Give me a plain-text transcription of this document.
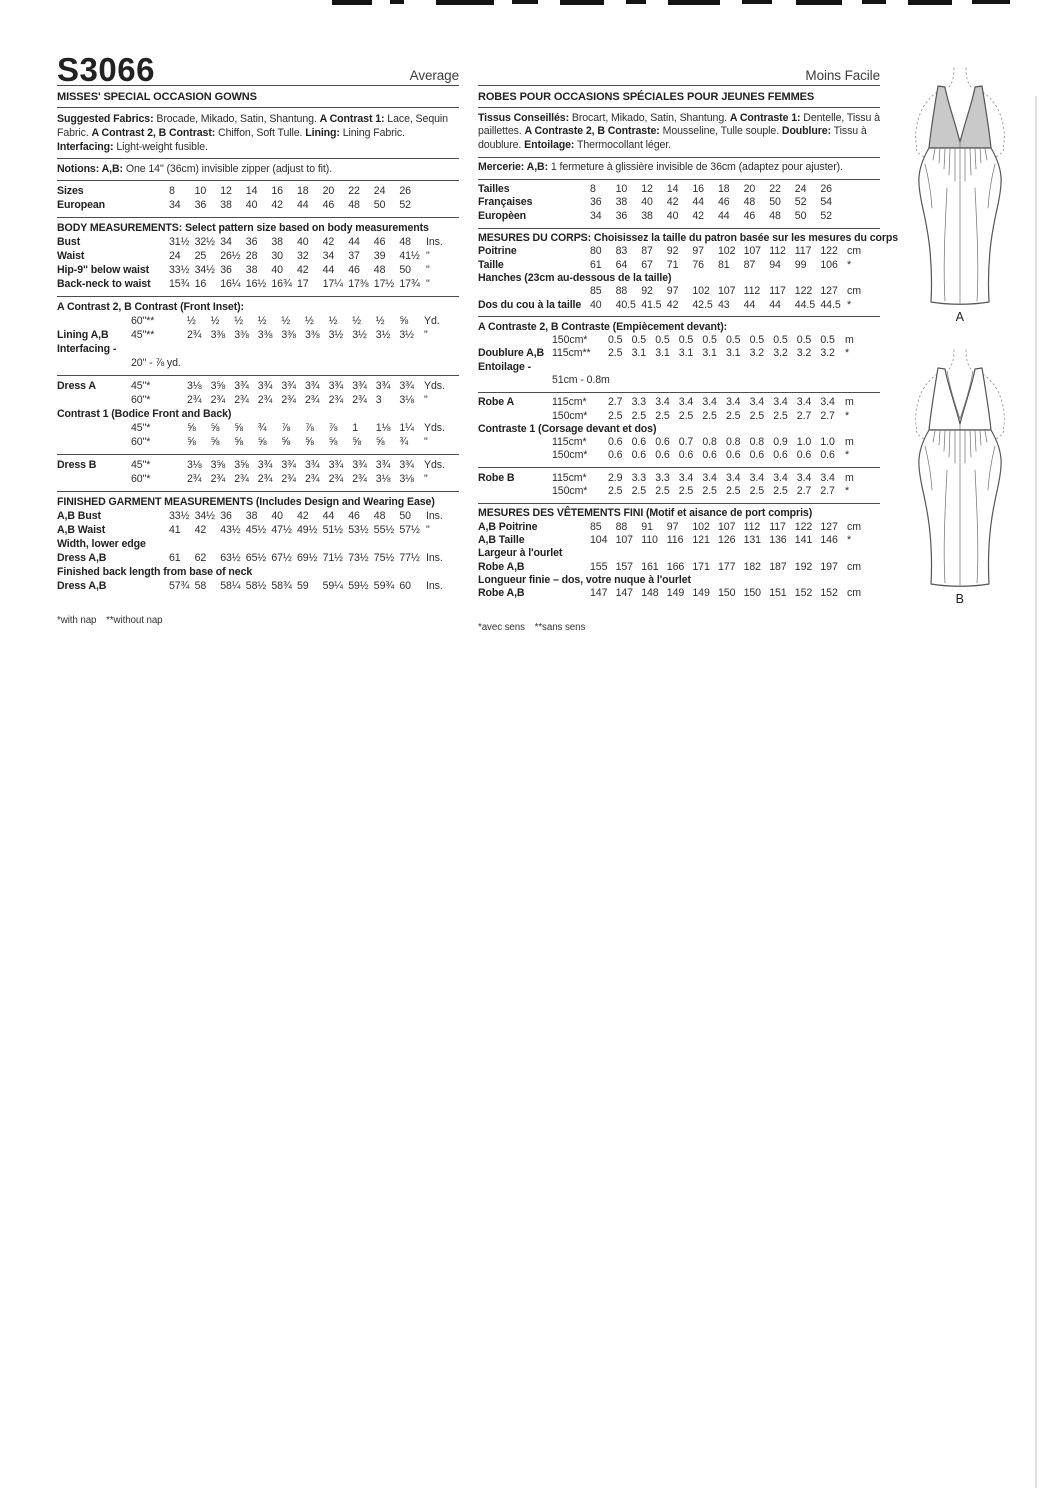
S3066	Average
MISSES' SPECIAL OCCASION GOWNS

Suggested Fabrics: Brocade, Mikado, Satin, Shantung. A Contrast 1: Lace, Sequin Fabric. A Contrast 2, B Contrast: Chiffon, Soft Tulle. Lining: Lining Fabric. Interfacing: Light-weight fusible.

Notions: A,B: One 14" (36cm) invisible zipper (adjust to fit).

Sizes	8	10	12	14	16	18	20	22	24	26
European	34	36	38	40	42	44	46	48	50	52
BODY MEASUREMENTS: Select pattern size based on body measurements
Bust	31½ 32½ 34	36	38	40	42	44	46	48	Ins.
Waist	24	25	26½ 28	30	32	34	37	39	41½ "
Hip-9" below waist	33½ 34½ 36	38	40	42	44	46	48	50	"
Back-neck to waist	15¾ 16	16¼ 16½ 16¾ 17	17¼ 17⅜ 17½ 17¾ "
A Contrast 2, B Contrast (Front Inset):
60"**	½	½	½	½	½	½	½	½	½	⅝	Yd.
Lining A,B	45"**	2¾ 3⅜ 3⅜ 3⅜ 3⅜ 3⅜ 3½ 3½ 3½ 3½ "
Interfacing -
20" - ⅞ yd.
Dress A	45"*	3⅛ 3⅝ 3¾ 3¾ 3¾ 3¾ 3¾ 3¾ 3¾ 3¾ Yds.
60"*	2¾ 2¾ 2¾ 2¾ 2¾ 2¾ 2¾ 2¾ 3	3⅛ "
Contrast 1 (Bodice Front and Back)
45"*	⅝	⅝	⅝	¾	⅞	⅞	⅞	1	1⅛ 1¼ Yds.
60"*	⅝	⅝	⅝	⅝	⅝	⅝	⅝	⅝	⅝	¾	"
Dress B	45"*	3⅛ 3⅝ 3⅝ 3¾ 3¾ 3¾ 3¾ 3¾ 3¾ 3¾ Yds.
60"*	2¾ 2¾ 2¾ 2¾ 2¾ 2¾ 2¾ 2¾ 3⅛ 3⅛ "
FINISHED GARMENT MEASUREMENTS (Includes Design and Wearing Ease)
A,B Bust	33½ 34½ 36	38	40	42	44	46	48	50	Ins.
A,B Waist	41	42	43½ 45½ 47½ 49½ 51½ 53½ 55½ 57½ "
Width, lower edge
Dress A,B	61	62	63½ 65½ 67½ 69½ 71½ 73½ 75½ 77½ Ins.
Finished back length from base of neck
Dress A,B	57¾ 58	58¼ 58½ 58¾ 59	59¼ 59½ 59¾ 60	Ins.
*with nap **without nap
Moins Facile
ROBES POUR OCCASIONS SPÉCIALES POUR JEUNES FEMMES

Tissus Conseillés: Brocart, Mikado, Satin, Shantung. A Contraste 1: Dentelle, Tissu à paillettes. A Contraste 2, B Contraste: Mousseline, Tulle souple. Doublure: Tissu à doublure. Entoilage: Thermocollant léger.

Mercerie: A,B: 1 fermeture à glissière invisible de 36cm (adaptez pour ajuster).

Tailles	8	10	12	14	16	18	20	22	24	26
Françaises	36	38	40	42	44	46	48	50	52	54
Europèen	34	36	38	40	42	44	46	48	50	52
MESURES DU CORPS: Choisissez la taille du patron basée sur les mesures du corps
Poitrine	80	83	87	92	97	102 107 112 117 122 cm
Taille	61	64	67	71	76	81	87	94	99	106 *
Hanches (23cm au-dessous de la taille)
85	88	92	97	102 107 112 117 122 127 cm
Dos du cou à la taille 40	40.5 41.5 42	42.5 43	44	44	44.5 44.5 *
A Contraste 2, B Contraste (Empiècement devant):
150cm*	0.5 0.5 0.5 0.5 0.5 0.5 0.5 0.5 0.5 0.5 m
Doublure A,B 115cm**	2.5 3.1 3.1 3.1 3.1 3.1 3.2 3.2 3.2 3.2 *
Entoilage -
51cm - 0.8m
Robe A	115cm*	2.7 3.3 3.4 3.4 3.4 3.4 3.4 3.4 3.4 3.4 m
150cm*	2.5 2.5 2.5 2.5 2.5 2.5 2.5 2.5 2.7 2.7 *
Contraste 1 (Corsage devant et dos)
115cm*	0.6 0.6 0.6 0.7 0.8 0.8 0.8 0.9 1.0 1.0 m
150cm*	0.6 0.6 0.6 0.6 0.6 0.6 0.6 0.6 0.6 0.6 *
Robe B	115cm*	2.9 3.3 3.3 3.4 3.4 3.4 3.4 3.4 3.4 3.4 m
150cm*	2.5 2.5 2.5 2.5 2.5 2.5 2.5 2.5 2.7 2.7 *
MESURES DES VÊTEMENTS FINI (Motif et aisance de port compris)
A,B Poitrine	85	88	91	97	102 107 112 117 122 127 cm
A,B Taille	104 107 110 116 121 126 131 136 141 146 *
Largeur à l'ourlet
Robe A,B	155 157 161 166 171 177 182 187 192 197 cm
Longueur finie – dos, votre nuque à l'ourlet
Robe A,B	147 147 148 149 149 150 150 151 152 152 cm
*avec sens **sans sens
A
B
